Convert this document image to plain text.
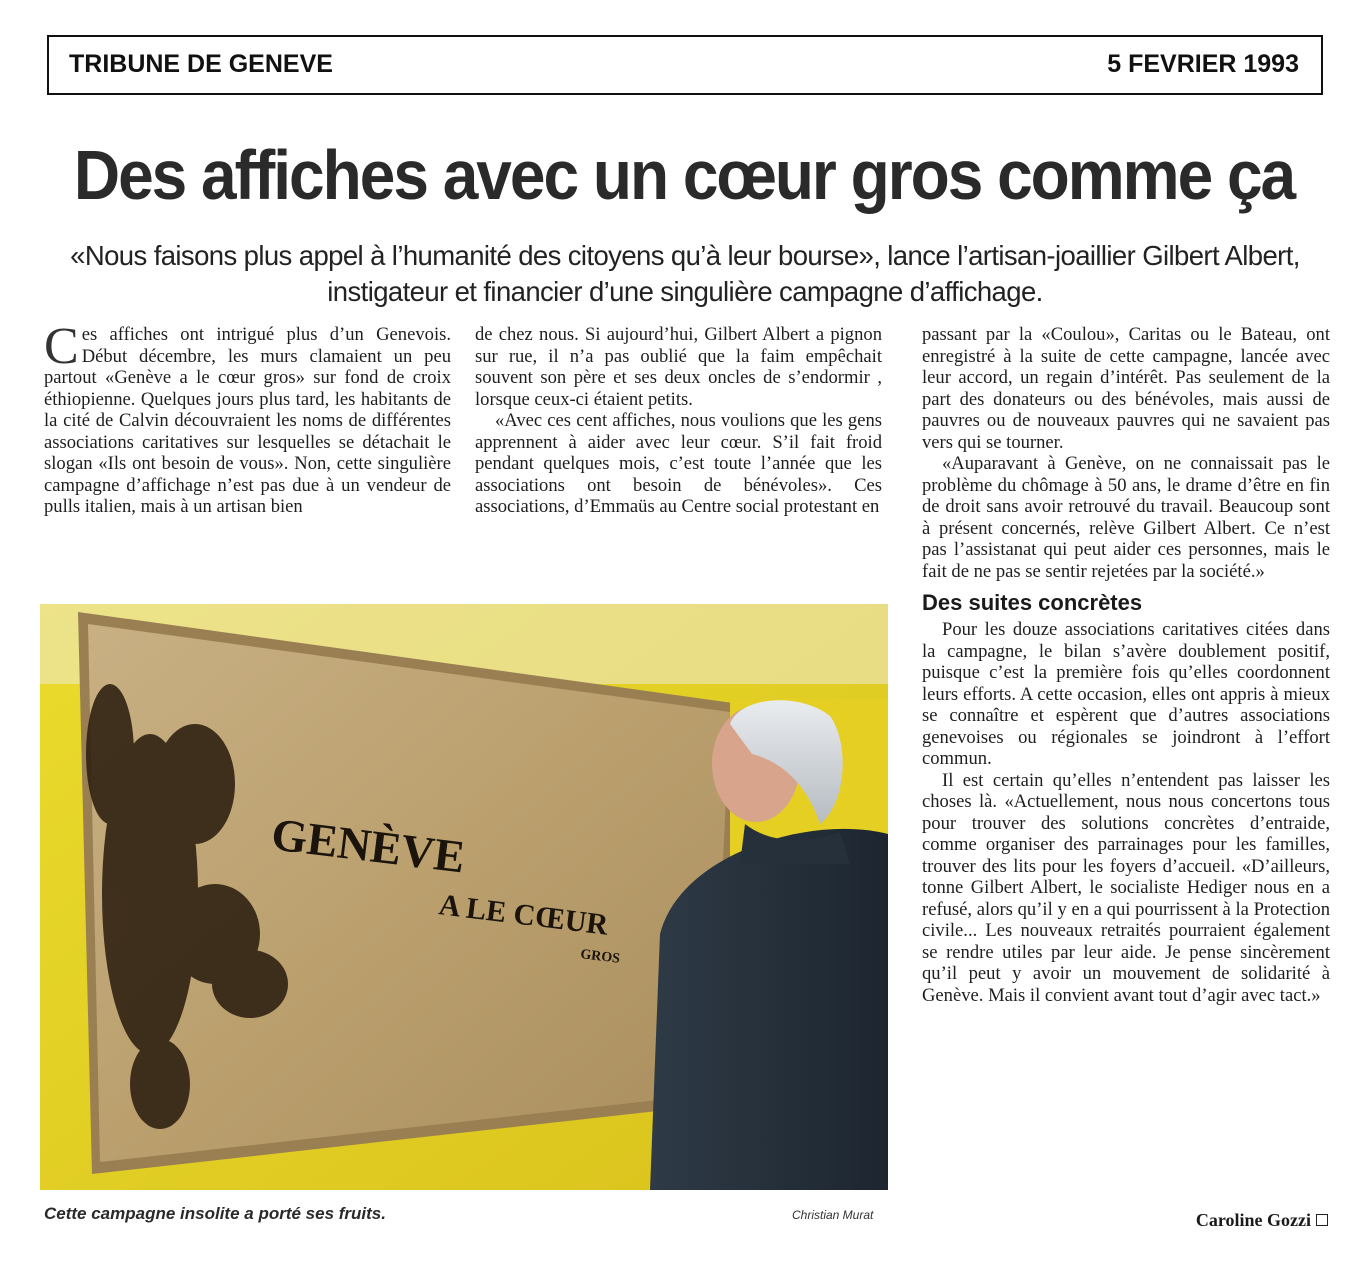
TRIBUNE DE GENEVE	5 FEVRIER 1993
Des affiches avec un cœur gros comme ça
«Nous faisons plus appel à l’humanité des citoyens qu’à leur bourse», lance l’artisan-joaillier Gilbert Albert,
instigateur et financier d’une singulière campagne d’affichage.

Ces affiches ont intrigué plus d’un Genevois. Début décembre, les murs clamaient un peu partout «Genève a le cœur gros» sur fond de croix éthiopienne. Quelques jours plus tard, les habitants de la cité de Calvin découvraient les noms de différentes associations caritatives sur lesquelles se détachait le slogan «Ils ont besoin de vous». Non, cette singulière campagne d’affichage n’est pas due à un vendeur de pulls italien, mais à un artisan bien

de chez nous. Si aujourd’hui, Gilbert Albert a pignon sur rue, il n’a pas oublié que la faim empêchait souvent son père et ses deux oncles de s’endormir , lorsque ceux-ci étaient petits.

«Avec ces cent affiches, nous voulions que les gens apprennent à aider avec leur cœur. S’il fait froid pendant quelques mois, c’est toute l’année que les associations ont besoin de bénévoles». Ces associations, d’Emmaüs au Centre social protestant en

passant par la «Coulou», Caritas ou le Bateau, ont enregistré à la suite de cette campagne, lancée avec leur accord, un regain d’intérêt. Pas seulement de la part des donateurs ou des bénévoles, mais aussi de pauvres ou de nouveaux pauvres qui ne savaient pas vers qui se tourner.

«Auparavant à Genève, on ne connaissait pas le problème du chômage à 50 ans, le drame d’être en fin de droit sans avoir retrouvé du travail. Beaucoup sont à présent concernés, relève Gilbert Albert. Ce n’est pas l’assistanat qui peut aider ces personnes, mais le fait de ne pas se sentir rejetées par la société.»

Des suites concrètes

Pour les douze associations caritatives citées dans la campagne, le bilan s’avère doublement positif, puisque c’est la première fois qu’elles coordonnent leurs efforts. A cette occasion, elles ont appris à mieux se connaître et espèrent que d’autres associations genevoises ou régionales se joindront à l’effort commun.

Il est certain qu’elles n’entendent pas laisser les choses là. «Actuellement, nous nous concertons tous pour trouver des solutions concrètes d’entraide, comme organiser des parrainages pour les familles, trouver des lits pour les foyers d’accueil. «D’ailleurs, tonne Gilbert Albert, le socialiste Hediger nous en a refusé, alors qu’il y en a qui pourrissent à la Protection civile... Les nouveaux retraités pourraient également se rendre utiles par leur aide. Je pense sincèrement qu’il peut y avoir un mouvement de solidarité à Genève. Mais il convient avant tout d’agir avec tact.»

Caroline Gozzi
GENÈVE
A LE CŒUR
GROS
Cette campagne insolite a porté ses fruits.	Christian Murat
